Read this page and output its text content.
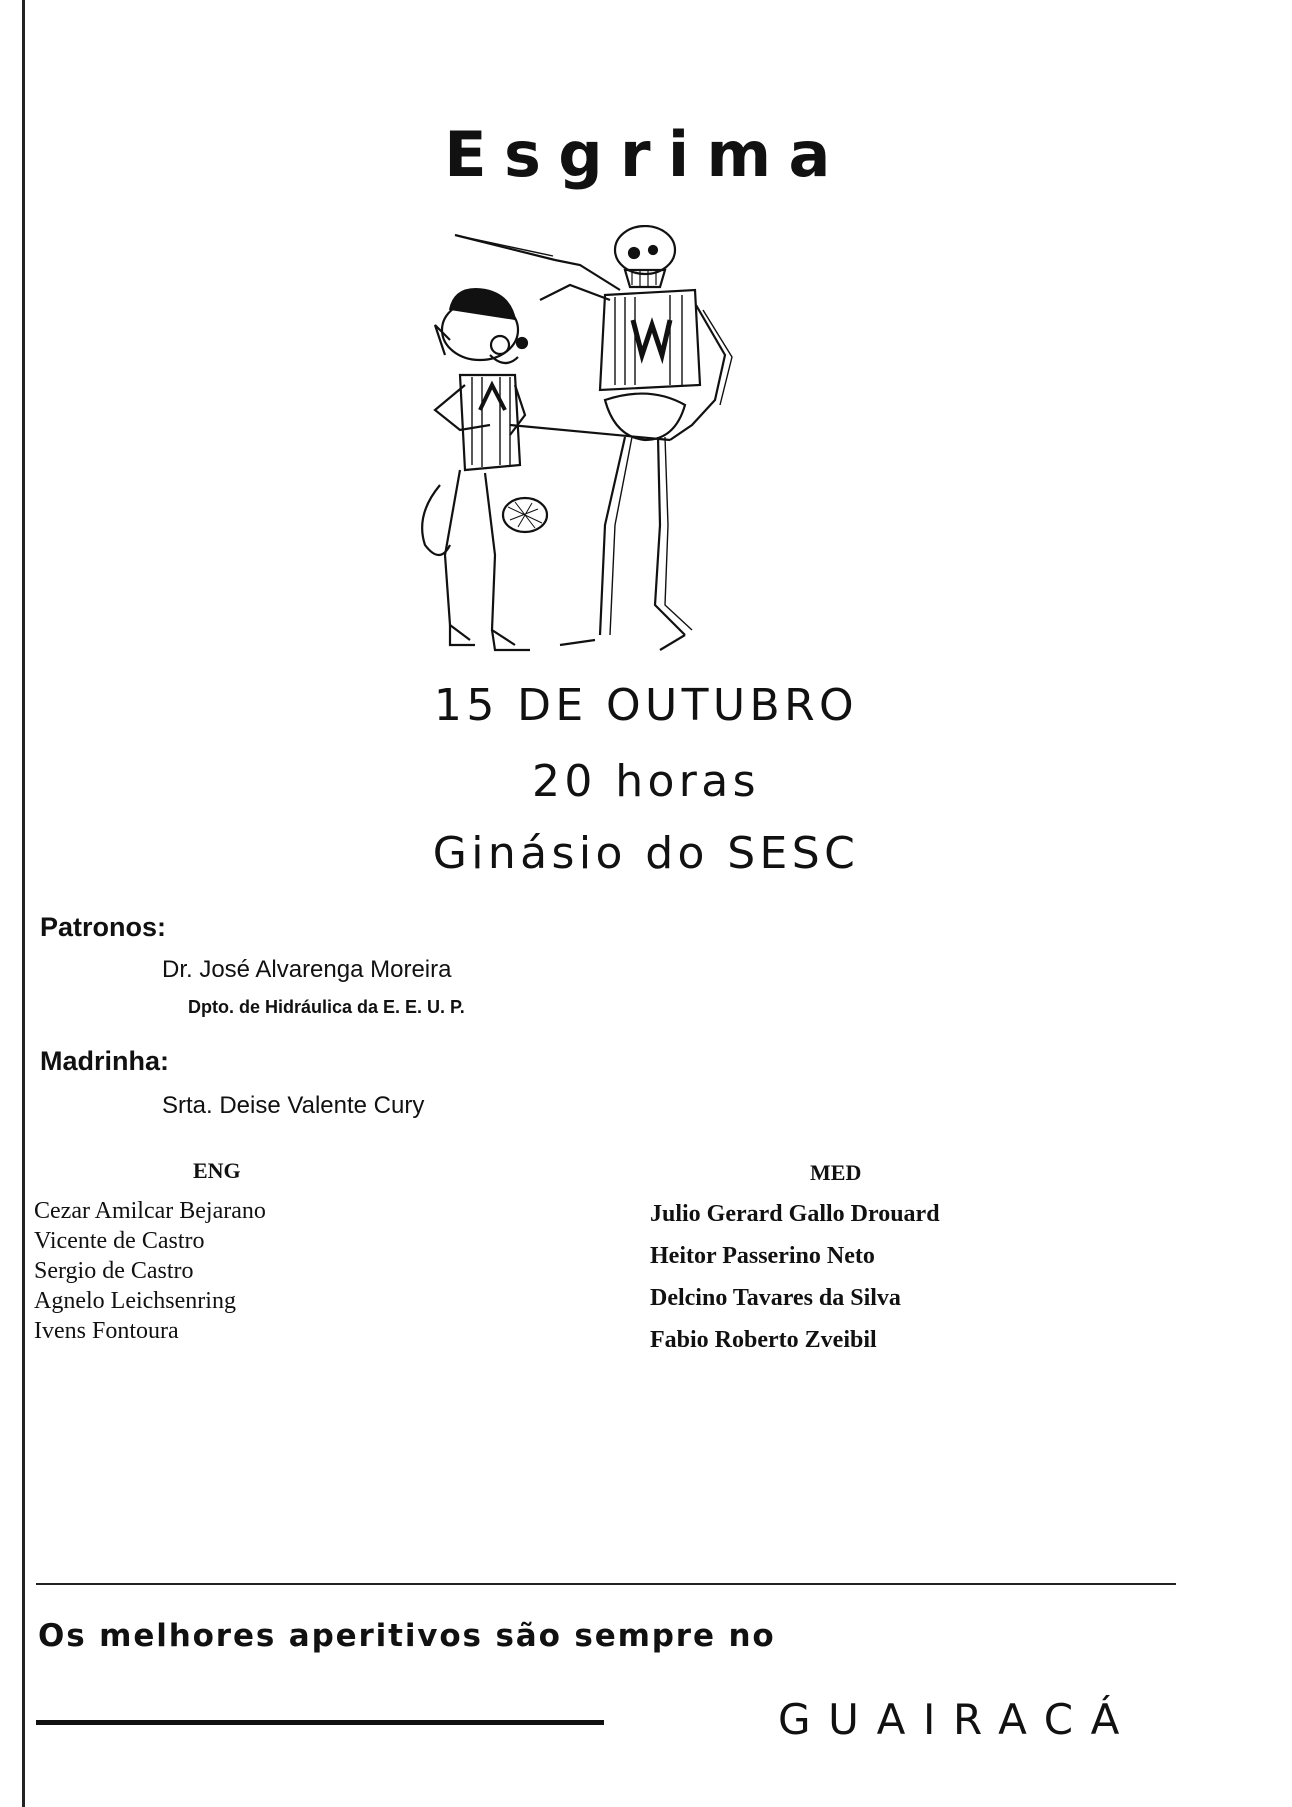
Esgrima
15 DE OUTUBRO
20 horas
Ginásio do SESC
Patronos:
Dr. José Alvarenga Moreira
Dpto. de Hidráulica da E. E. U. P.
Madrinha:
Srta. Deise Valente Cury
ENG
Cezar Amilcar Bejarano
Vicente de Castro
Sergio de Castro
Agnelo Leichsenring
Ivens Fontoura
MED
Julio Gerard Gallo Drouard
Heitor Passerino Neto
Delcino Tavares da Silva
Fabio Roberto Zveibil
Os melhores aperitivos são sempre no
GUAIRACÁ
